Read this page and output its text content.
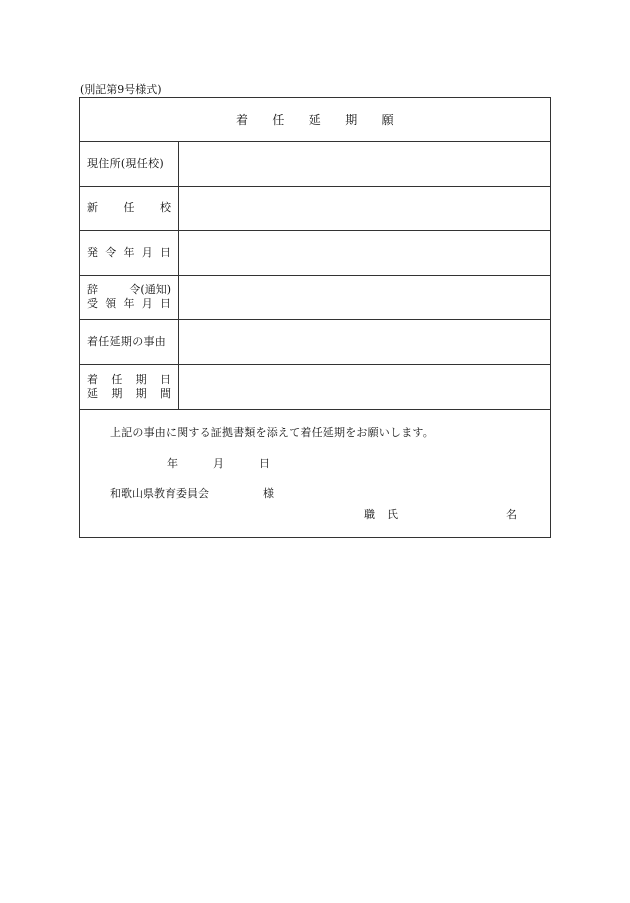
(別記第9号様式)
着 任 延 期 願
現住所(現任校)
新 任 校
発 令 年 月 日
辞	令(通知)
受 領 年 月 日
着任延期の事由
着 任 期 日
延 期 期 間
上記の事由に関する証拠書類を添えて着任延期をお願いします。
年	月	日
和歌山県教育委員会	様
職 氏	名
